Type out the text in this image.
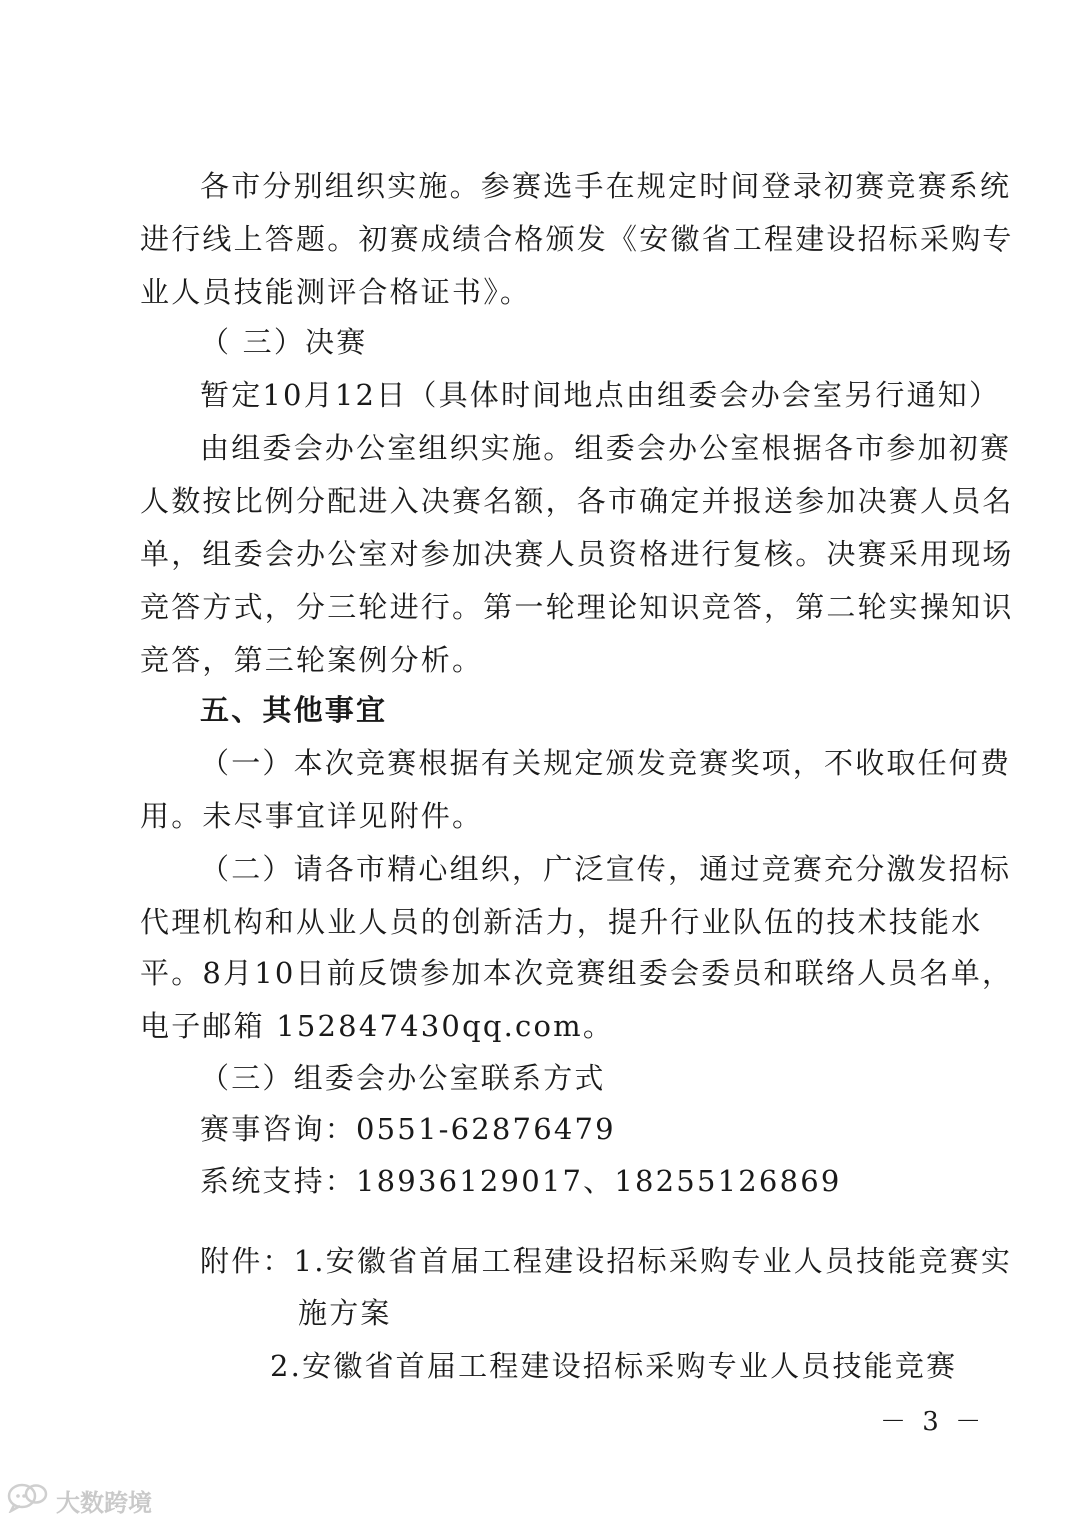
各市分别组织实施。参赛选手在规定时间登录初赛竞赛系统
进行线上答题。初赛成绩合格颁发《安徽省工程建设招标采购专
业人员技能测评合格证书》。
（ 三）决赛
暂定10月12日（具体时间地点由组委会办会室另行通知）
由组委会办公室组织实施。组委会办公室根据各市参加初赛
人数按比例分配进入决赛名额，各市确定并报送参加决赛人员名
单，组委会办公室对参加决赛人员资格进行复核。决赛采用现场
竞答方式，分三轮进行。第一轮理论知识竞答，第二轮实操知识
竞答，第三轮案例分析。
五、其他事宜
（一）本次竞赛根据有关规定颁发竞赛奖项，不收取任何费
用。未尽事宜详见附件。
（二）请各市精心组织，广泛宣传，通过竞赛充分激发招标
代理机构和从业人员的创新活力，提升行业队伍的技术技能水
平。8月10日前反馈参加本次竞赛组委会委员和联络人员名单，
电子邮箱 152847430qq.com。
（三）组委会办公室联系方式
赛事咨询：0551-62876479
系统支持：18936129017、18255126869
附件：1.安徽省首届工程建设招标采购专业人员技能竞赛实
施方案
2.安徽省首届工程建设招标采购专业人员技能竞赛
－ 3 －
大数跨境
